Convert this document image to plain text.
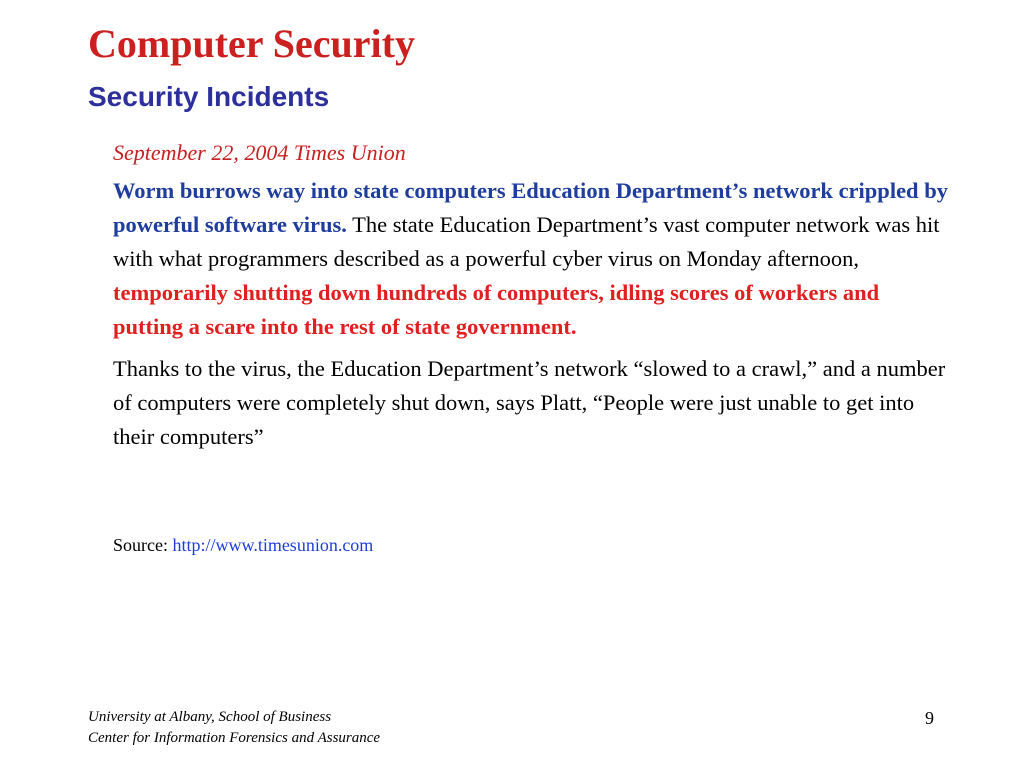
Computer Security
Security Incidents

September 22, 2004 Times Union

Worm burrows way into state computers Education Department’s network crippled by powerful software virus. The state Education Department’s vast computer network was hit with what programmers described as a powerful cyber virus on Monday afternoon, temporarily shutting down hundreds of computers, idling scores of workers and putting a scare into the rest of state government.

Thanks to the virus, the Education Department’s network “slowed to a crawl,” and a number of computers were completely shut down, says Platt, “People were just unable to get into their computers”

Source: http://www.timesunion.com
University at Albany, School of Business
Center for Information Forensics and Assurance
9
